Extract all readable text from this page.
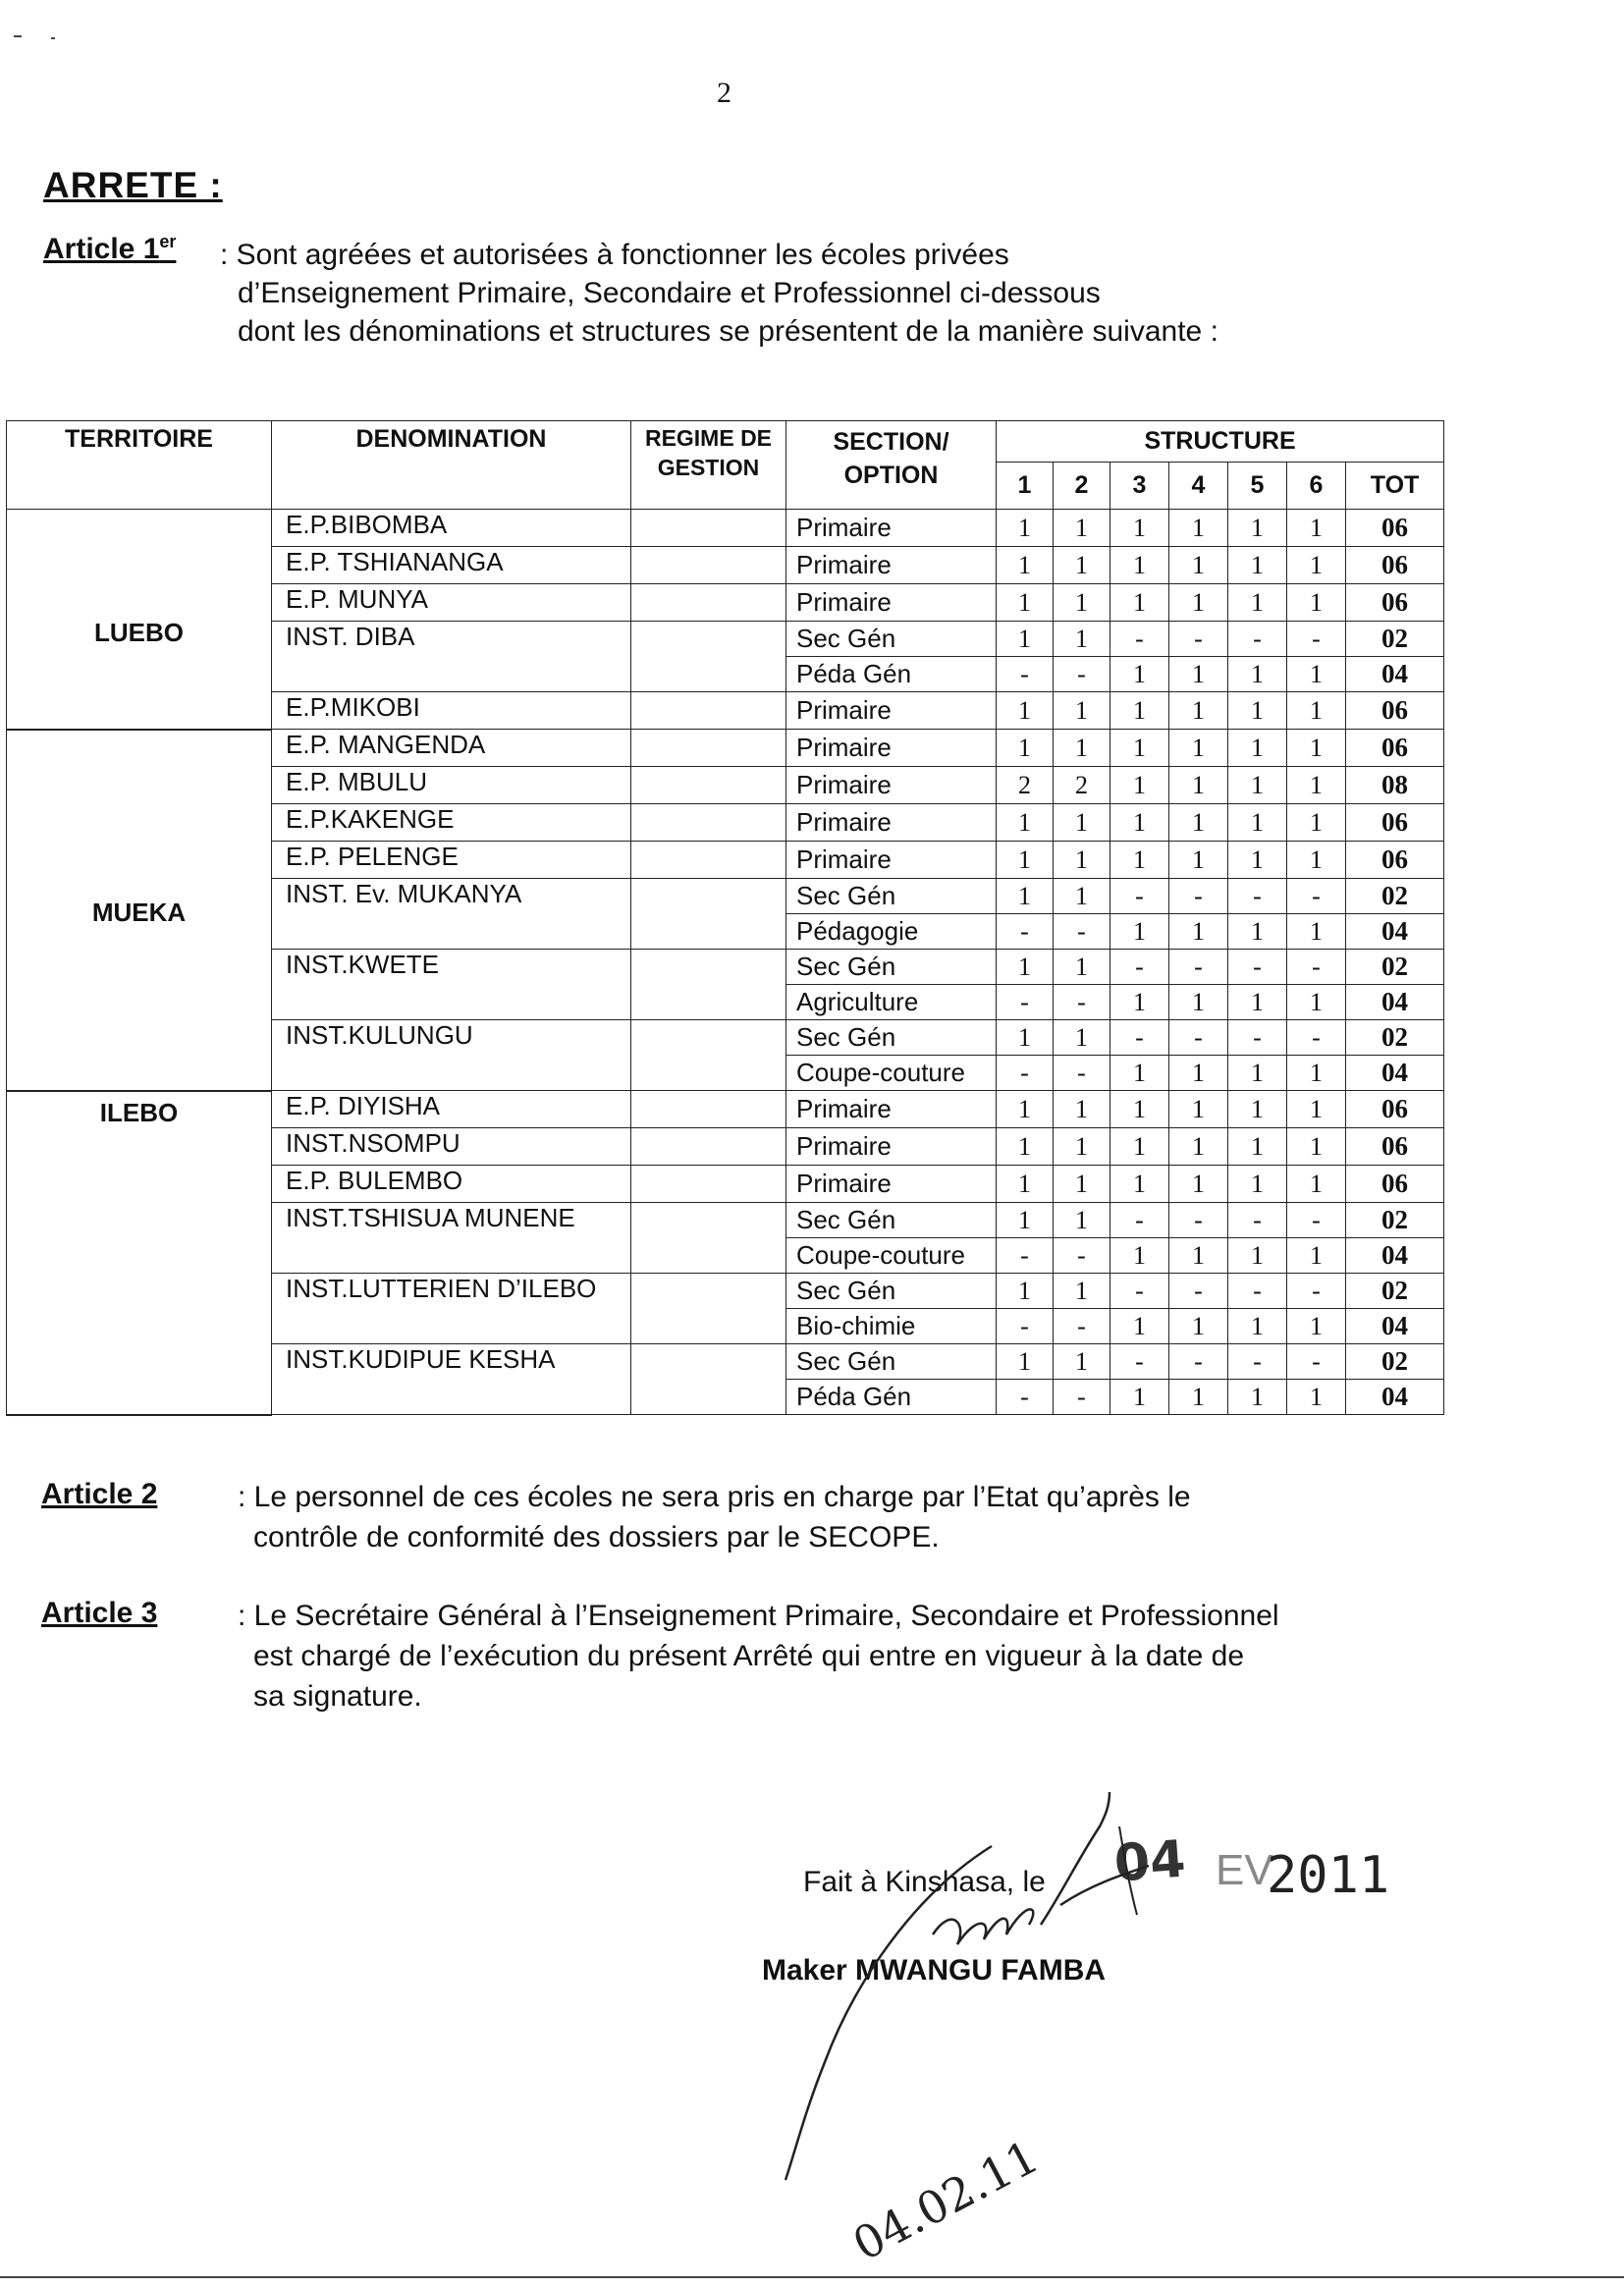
2
ARRETE :
Article 1er : Sont agréées et autorisées à fonctionner les écoles privées
d’Enseignement Primaire, Secondaire et Professionnel ci-dessous
dont les dénominations et structures se présentent de la manière suivante :
TERRITOIRE	DENOMINATION	REGIME DE GESTION	SECTION/ OPTION	STRUCTURE						
				1	2	3	4	5	6	TOT
LUEBO	E.P.BIBOMBA		Primaire	1	1	1	1	1	1	06
	E.P. TSHIANANGA		Primaire	1	1	1	1	1	1	06
	E.P. MUNYA		Primaire	1	1	1	1	1	1	06
	INST. DIBA		Sec Gén	1	1	-	-	-	-	02
			Péda Gén	-	-	1	1	1	1	04
	E.P.MIKOBI		Primaire	1	1	1	1	1	1	06
MUEKA	E.P. MANGENDA		Primaire	1	1	1	1	1	1	06
	E.P. MBULU		Primaire	2	2	1	1	1	1	08
	E.P.KAKENGE		Primaire	1	1	1	1	1	1	06
	E.P. PELENGE		Primaire	1	1	1	1	1	1	06
	INST. Ev. MUKANYA		Sec Gén	1	1	-	-	-	-	02
			Pédagogie	-	-	1	1	1	1	04
	INST.KWETE		Sec Gén	1	1	-	-	-	-	02
			Agriculture	-	-	1	1	1	1	04
	INST.KULUNGU		Sec Gén	1	1	-	-	-	-	02
			Coupe-couture	-	-	1	1	1	1	04
ILEBO	E.P. DIYISHA		Primaire	1	1	1	1	1	1	06
	INST.NSOMPU		Primaire	1	1	1	1	1	1	06
	E.P. BULEMBO		Primaire	1	1	1	1	1	1	06
	INST.TSHISUA MUNENE		Sec Gén	1	1	-	-	-	-	02
			Coupe-couture	-	-	1	1	1	1	04
	INST.LUTTERIEN D’ILEBO		Sec Gén	1	1	-	-	-	-	02
			Bio-chimie	-	-	1	1	1	1	04
	INST.KUDIPUE KESHA		Sec Gén	1	1	-	-	-	-	02
			Péda Gén	-	-	1	1	1	1	04
Article 2	: Le personnel de ces écoles ne sera pris en charge par l’Etat qu’après le
contrôle de conformité des dossiers par le SECOPE.
Article 3	: Le Secrétaire Général à l’Enseignement Primaire, Secondaire et Professionnel
est chargé de l’exécution du présent Arrêté qui entre en vigueur à la date de
sa signature.
Fait à Kinshasa, le 04 EV
2011
Maker MWANGU FAMBA
04.02.11
